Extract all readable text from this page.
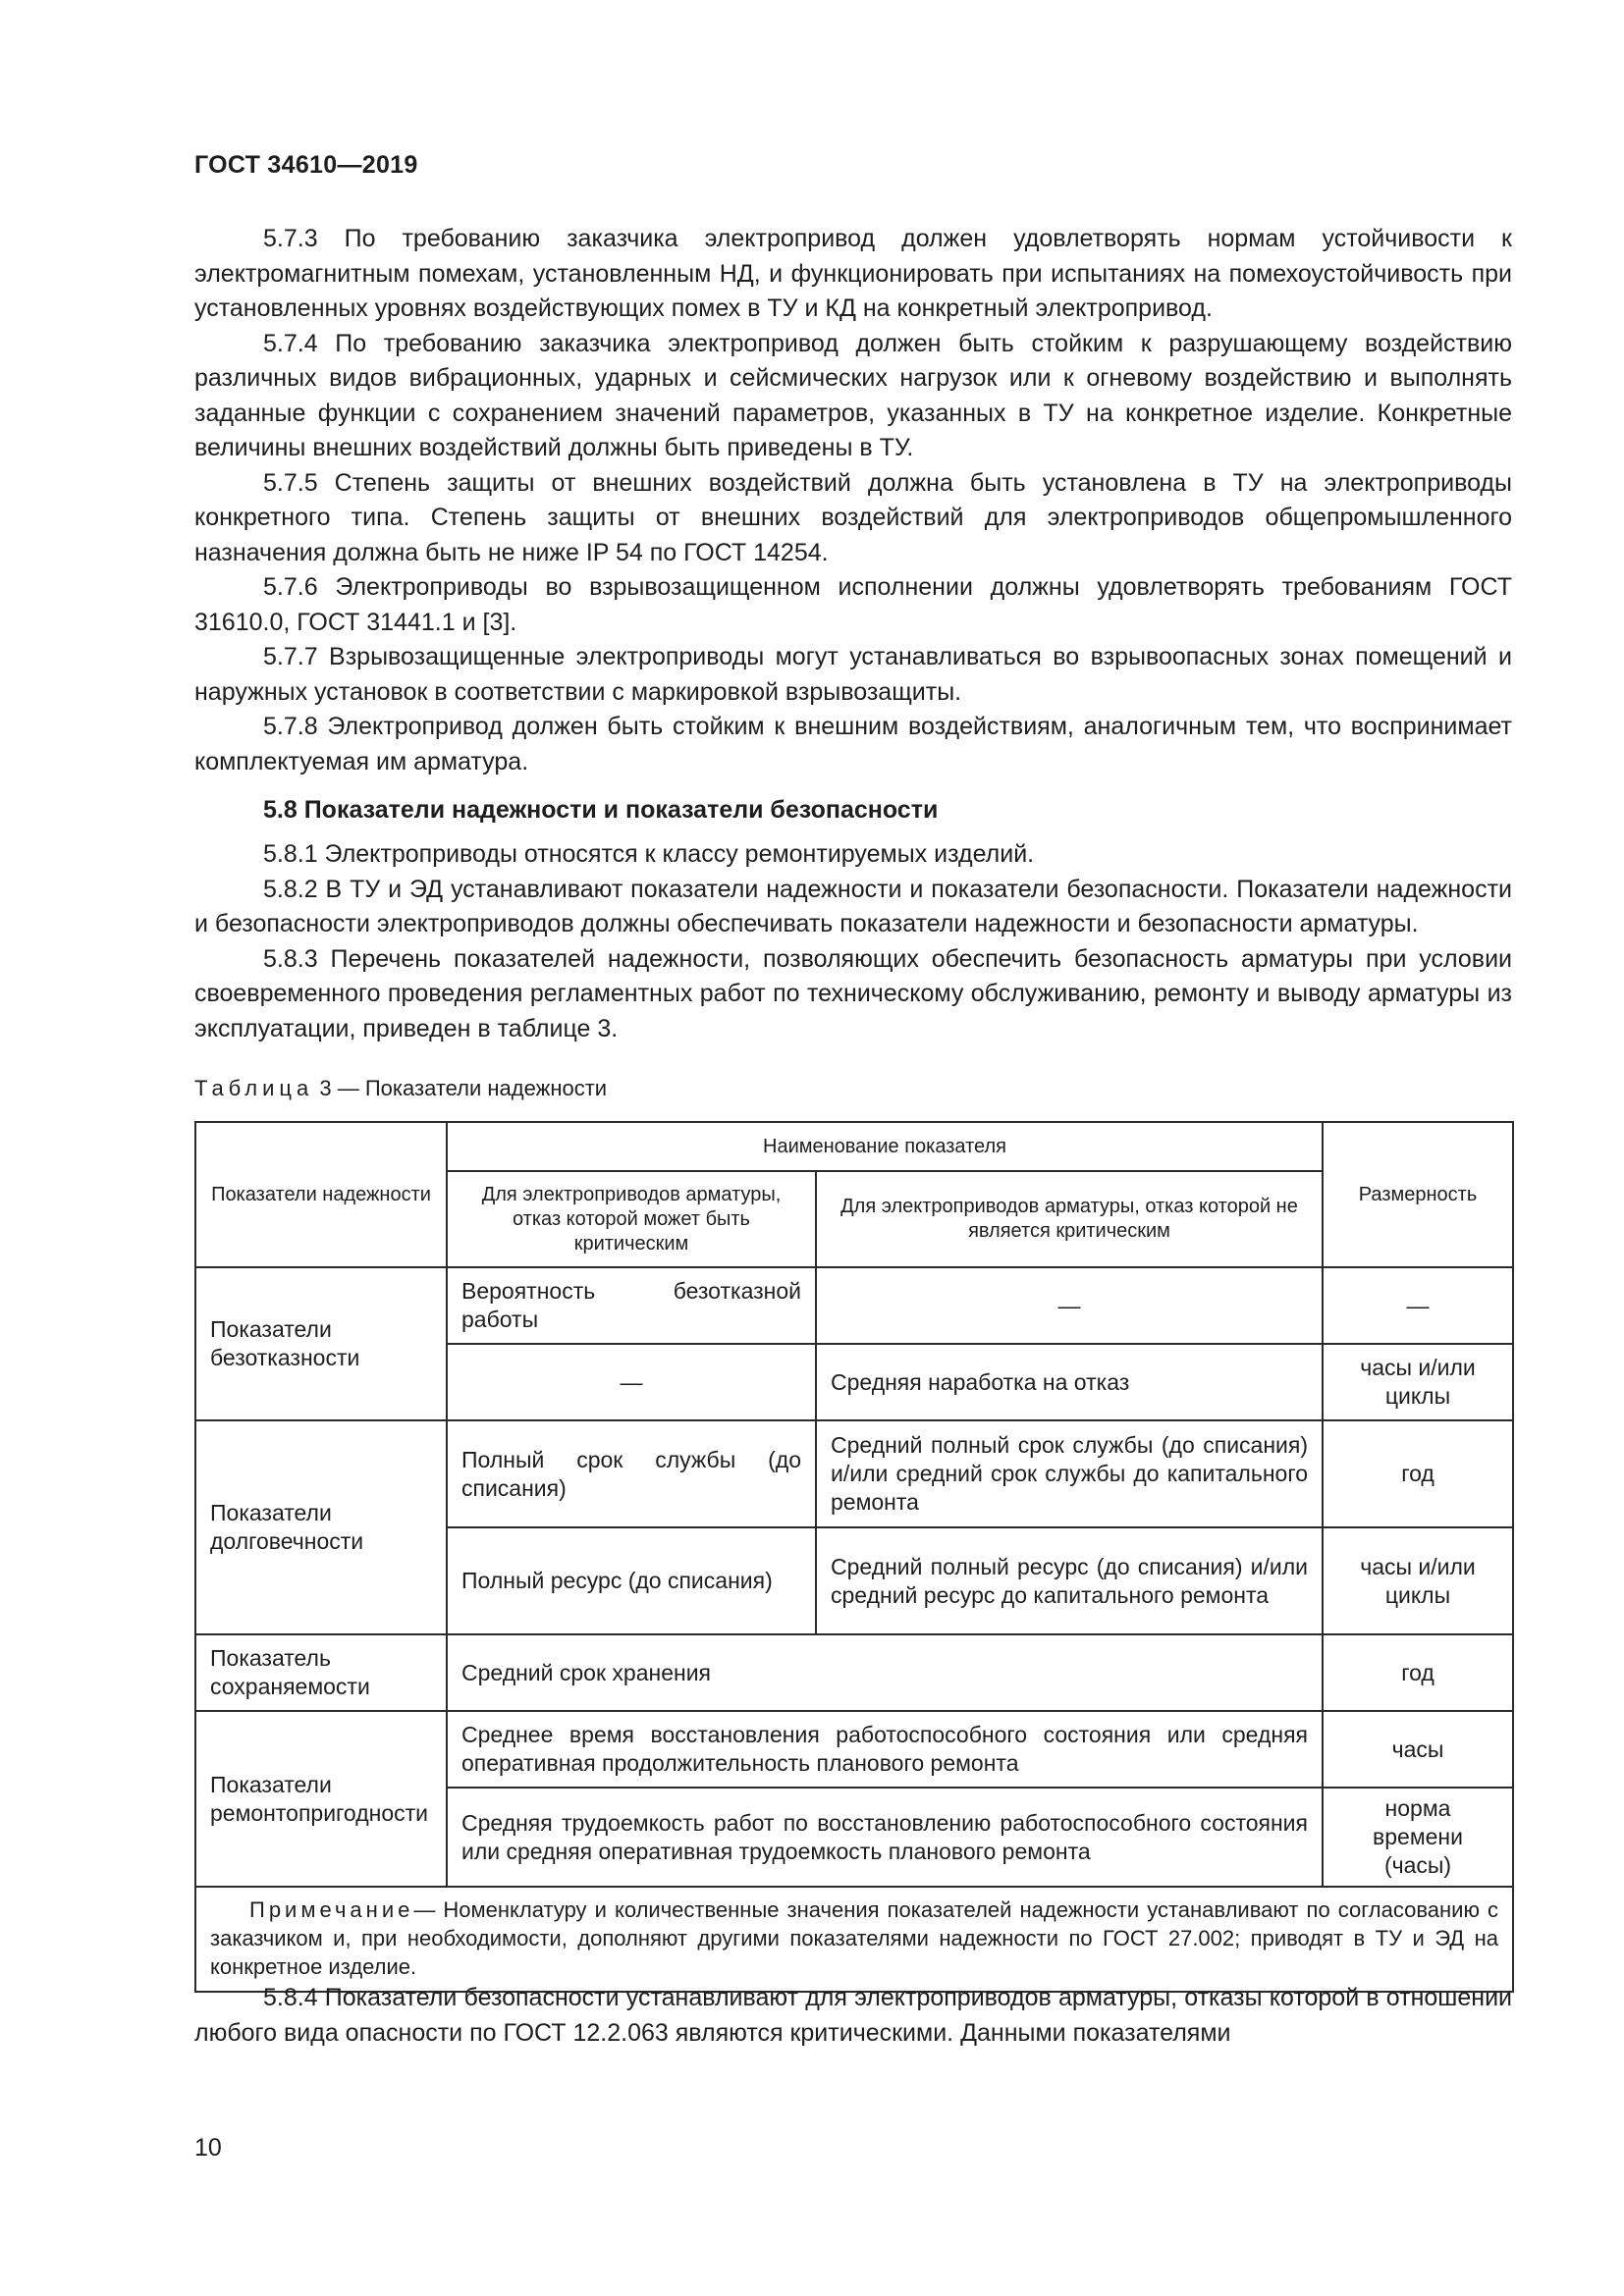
ГОСТ 34610—2019

5.7.3 По требованию заказчика электропривод должен удовлетворять нормам устойчивости к электромагнитным помехам, установленным НД, и функционировать при испытаниях на помехоустойчивость при установленных уровнях воздействующих помех в ТУ и КД на конкретный электропривод.

5.7.4 По требованию заказчика электропривод должен быть стойким к разрушающему воздействию различных видов вибрационных, ударных и сейсмических нагрузок или к огневому воздействию и выполнять заданные функции с сохранением значений параметров, указанных в ТУ на конкретное изделие. Конкретные величины внешних воздействий должны быть приведены в ТУ.

5.7.5 Степень защиты от внешних воздействий должна быть установлена в ТУ на электроприводы конкретного типа. Степень защиты от внешних воздействий для электроприводов общепромышленного назначения должна быть не ниже IP 54 по ГОСТ 14254.

5.7.6 Электроприводы во взрывозащищенном исполнении должны удовлетворять требованиям ГОСТ 31610.0, ГОСТ 31441.1 и [3].

5.7.7 Взрывозащищенные электроприводы могут устанавливаться во взрывоопасных зонах помещений и наружных установок в соответствии с маркировкой взрывозащиты.

5.7.8 Электропривод должен быть стойким к внешним воздействиям, аналогичным тем, что воспринимает комплектуемая им арматура.

5.8 Показатели надежности и показатели безопасности

5.8.1 Электроприводы относятся к классу ремонтируемых изделий.

5.8.2 В ТУ и ЭД устанавливают показатели надежности и показатели безопасности. Показатели надежности и безопасности электроприводов должны обеспечивать показатели надежности и безопасности арматуры.

5.8.3 Перечень показателей надежности, позволяющих обеспечить безопасность арматуры при условии своевременного проведения регламентных работ по техническому обслуживанию, ремонту и выводу арматуры из эксплуатации, приведен в таблице 3.

Таблица 3 — Показатели надежности
Показатели надежности	Наименование показателя		Размерность
	Для электроприводов арматуры, отказ которой может быть критическим	Для электроприводов арматуры, отказ которой не является критическим	
Показатели безотказности	Вероятность безотказной работы	—	—
	—	Средняя наработка на отказ	часы и/или циклы
Показатели долговечности	Полный срок службы (до списания)	Средний полный срок службы (до списания) и/или средний срок службы до капитального ремонта	год
	Полный ресурс (до списания)	Средний полный ресурс (до списания) и/или средний ресурс до капитального ремонта	часы и/или циклы
Показатель сохраняемости	Средний срок хранения		год
Показатели ремонтопригодности	Среднее время восстановления работоспособного состояния или средняя оперативная продолжительность планового ремонта		часы
	Средняя трудоемкость работ по восстановлению работоспособного состояния или средняя оперативная трудоемкость планового ремонта		норма времени (часы)
Примечание— Номенклатуру и количественные значения показателей надежности устанавливают по согласованию с заказчиком и, при необходимости, дополняют другими показателями надежности по ГОСТ 27.002; приводят в ТУ и ЭД на конкретное изделие.			

5.8.4 Показатели безопасности устанавливают для электроприводов арматуры, отказы которой в отношении любого вида опасности по ГОСТ 12.2.063 являются критическими. Данными показателями

10
